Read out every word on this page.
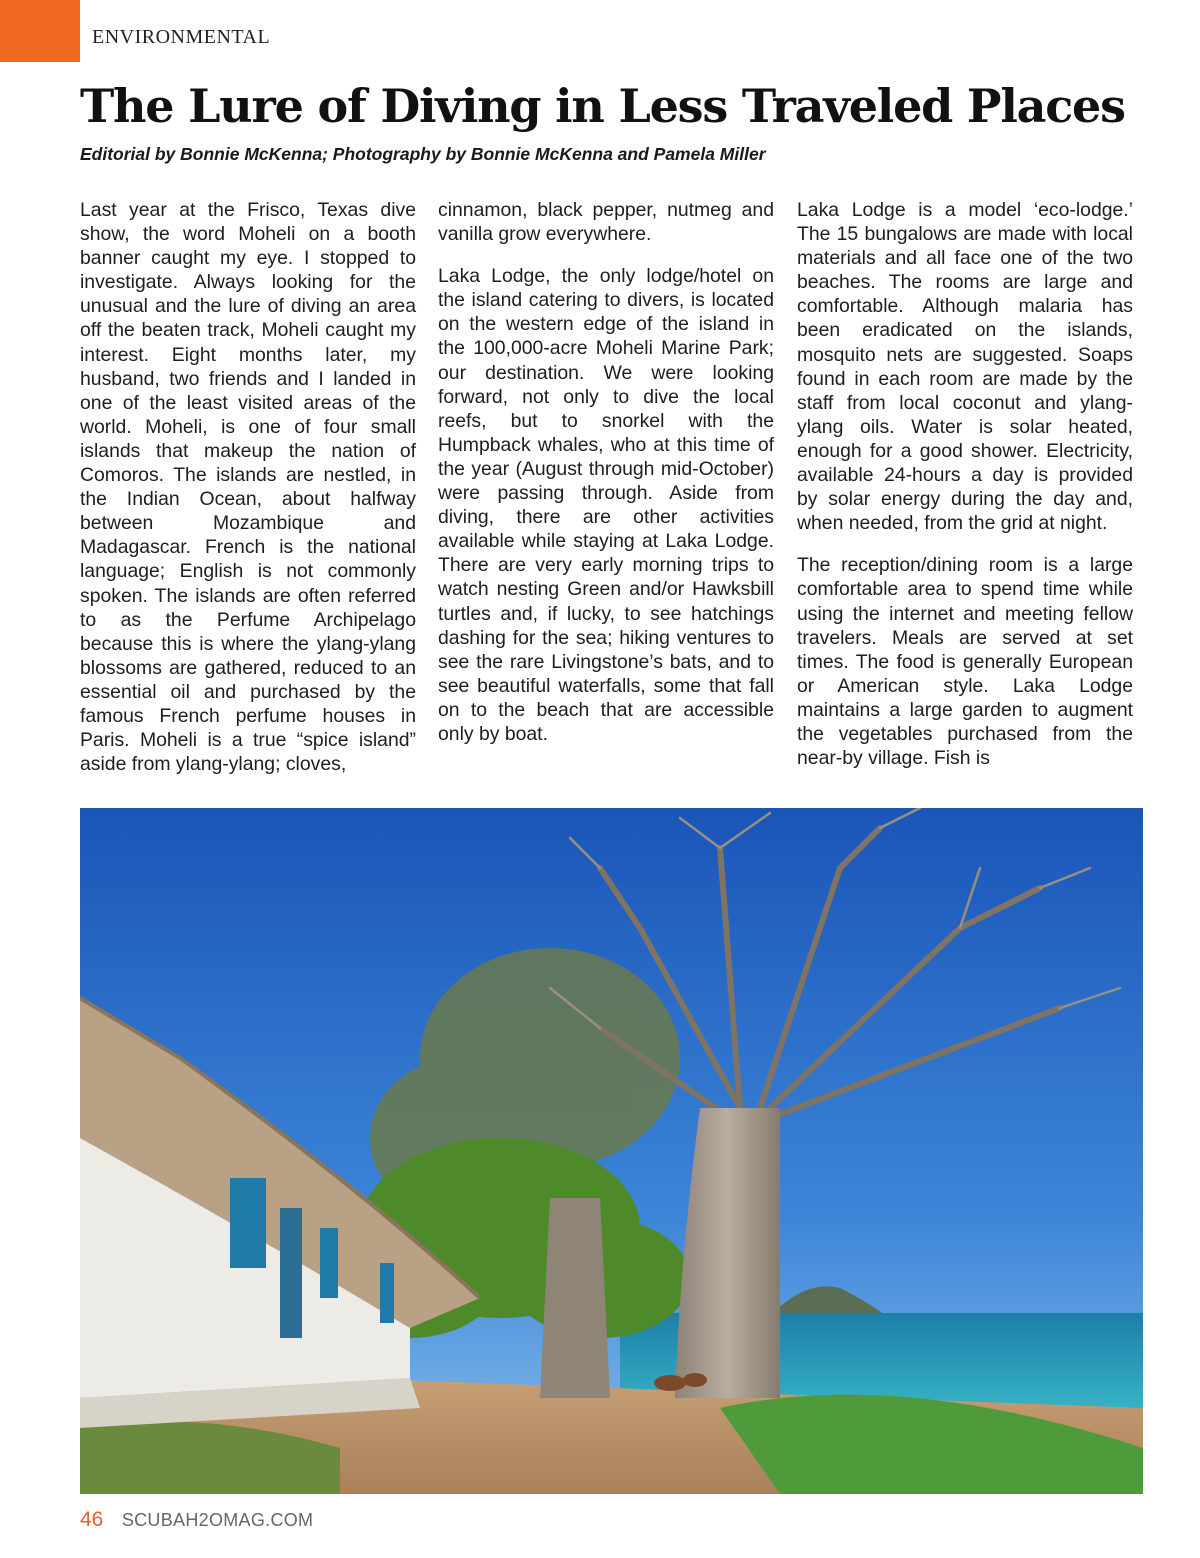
ENVIRONMENTAL
The Lure of Diving in Less Traveled Places
Editorial by Bonnie McKenna; Photography by Bonnie McKenna and Pamela Miller

Last year at the Frisco, Texas dive show, the word Moheli on a booth banner caught my eye. I stopped to investigate. Always looking for the unusual and the lure of diving an area off the beaten track, Moheli caught my interest. Eight months later, my husband, two friends and I landed in one of the least visited areas of the world. Moheli, is one of four small islands that makeup the nation of Comoros. The islands are nestled, in the Indian Ocean, about halfway between Mozambique and Madagascar. French is the national language; English is not commonly spoken. The islands are often referred to as the Perfume Archipelago because this is where the ylang-ylang blossoms are gathered, reduced to an essential oil and purchased by the famous French perfume houses in Paris. Moheli is a true “spice island” aside from ylang-ylang; cloves,

cinnamon, black pepper, nutmeg and vanilla grow everywhere.

Laka Lodge, the only lodge/hotel on the island catering to divers, is located on the western edge of the island in the 100,000-acre Moheli Marine Park; our destination. We were looking forward, not only to dive the local reefs, but to snorkel with the Humpback whales, who at this time of the year (August through mid-October) were passing through. Aside from diving, there are other activities available while staying at Laka Lodge. There are very early morning trips to watch nesting Green and/or Hawksbill turtles and, if lucky, to see hatchings dashing for the sea; hiking ventures to see the rare Livingstone’s bats, and to see beautiful waterfalls, some that fall on to the beach that are accessible only by boat.

Laka Lodge is a model ‘eco-lodge.’ The 15 bungalows are made with local materials and all face one of the two beaches. The rooms are large and comfortable. Although malaria has been eradicated on the islands, mosquito nets are suggested. Soaps found in each room are made by the staff from local coconut and ylang-ylang oils. Water is solar heated, enough for a good shower. Electricity, available 24-hours a day is provided by solar energy during the day and, when needed, from the grid at night.

The reception/dining room is a large comfortable area to spend time while using the internet and meeting fellow travelers. Meals are served at set times. The food is generally European or American style. Laka Lodge maintains a large garden to augment the vegetables purchased from the near-by village. Fish is

46 SCUBAH2OMAG.COM
